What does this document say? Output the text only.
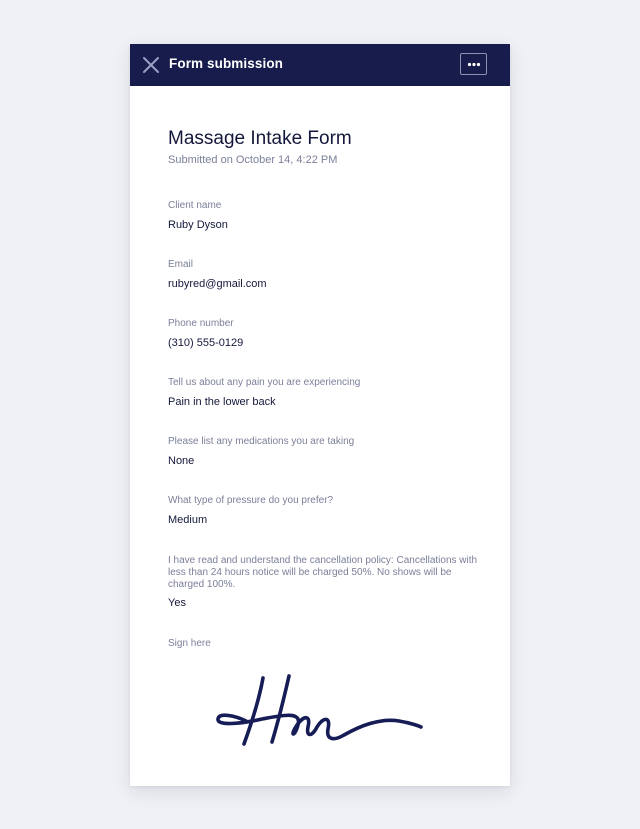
Form submission
Massage Intake Form
Submitted on October 14, 4:22 PM
Client name
Ruby Dyson
Email
rubyred@gmail.com
Phone number
(310) 555-0129
Tell us about any pain you are experiencing
Pain in the lower back
Please list any medications you are taking
None
What type of pressure do you prefer?
Medium
I have read and understand the cancellation policy: Cancellations with less than 24 hours notice will be charged 50%. No shows will be charged 100%.
Yes
Sign here
